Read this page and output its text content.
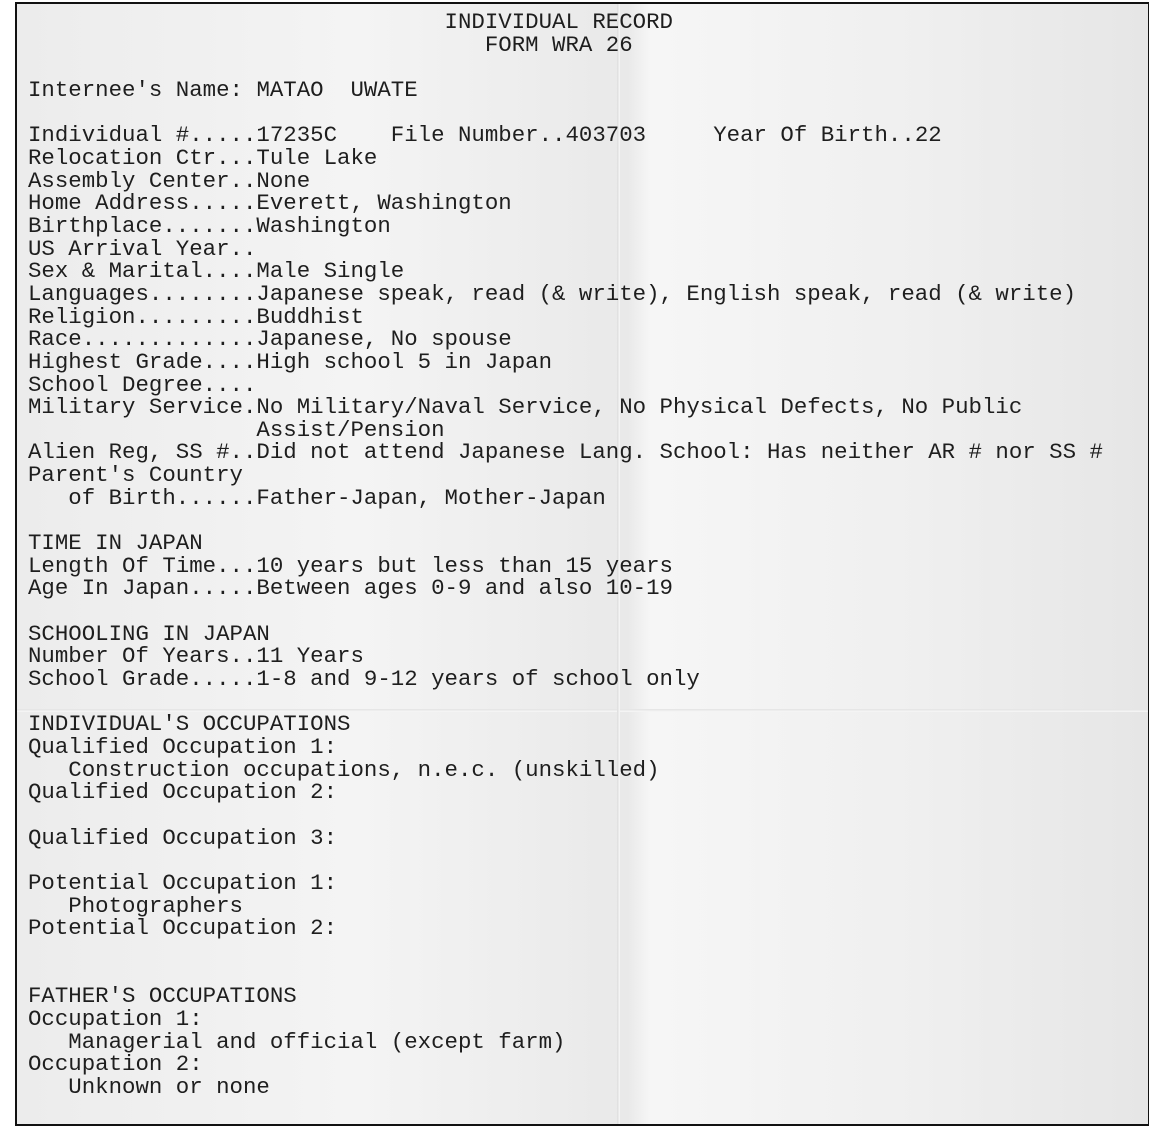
INDIVIDUAL RECORD
FORM WRA 26
Internee's Name: MATAO  UWATE
Individual #.....17235C File Number..403703	Year Of Birth..22
Relocation Ctr...Tule Lake
Assembly Center..None
Home Address.....Everett, Washington
Birthplace.......Washington
US Arrival Year..
Sex & Marital....Male Single
Languages........Japanese speak, read (& write), English speak, read (& write)
Religion.........Buddhist
Race.............Japanese, No spouse
Highest Grade....High school 5 in Japan
School Degree....
Military Service.No Military/Naval Service, No Physical Defects, No Public
Assist/Pension
Alien Reg, SS #..Did not attend Japanese Lang. School: Has neither AR # nor SS #
Parent's Country
of Birth......Father-Japan, Mother-Japan
TIME IN JAPAN
Length Of Time...10 years but less than 15 years
Age In Japan.....Between ages 0-9 and also 10-19
SCHOOLING IN JAPAN
Number Of Years..11 Years
School Grade.....1-8 and 9-12 years of school only
INDIVIDUAL'S OCCUPATIONS
Qualified Occupation 1:
Construction occupations, n.e.c. (unskilled)
Qualified Occupation 2:
Qualified Occupation 3:
Potential Occupation 1:
Photographers
Potential Occupation 2:
FATHER'S OCCUPATIONS
Occupation 1:
Managerial and official (except farm)
Occupation 2:
Unknown or none
